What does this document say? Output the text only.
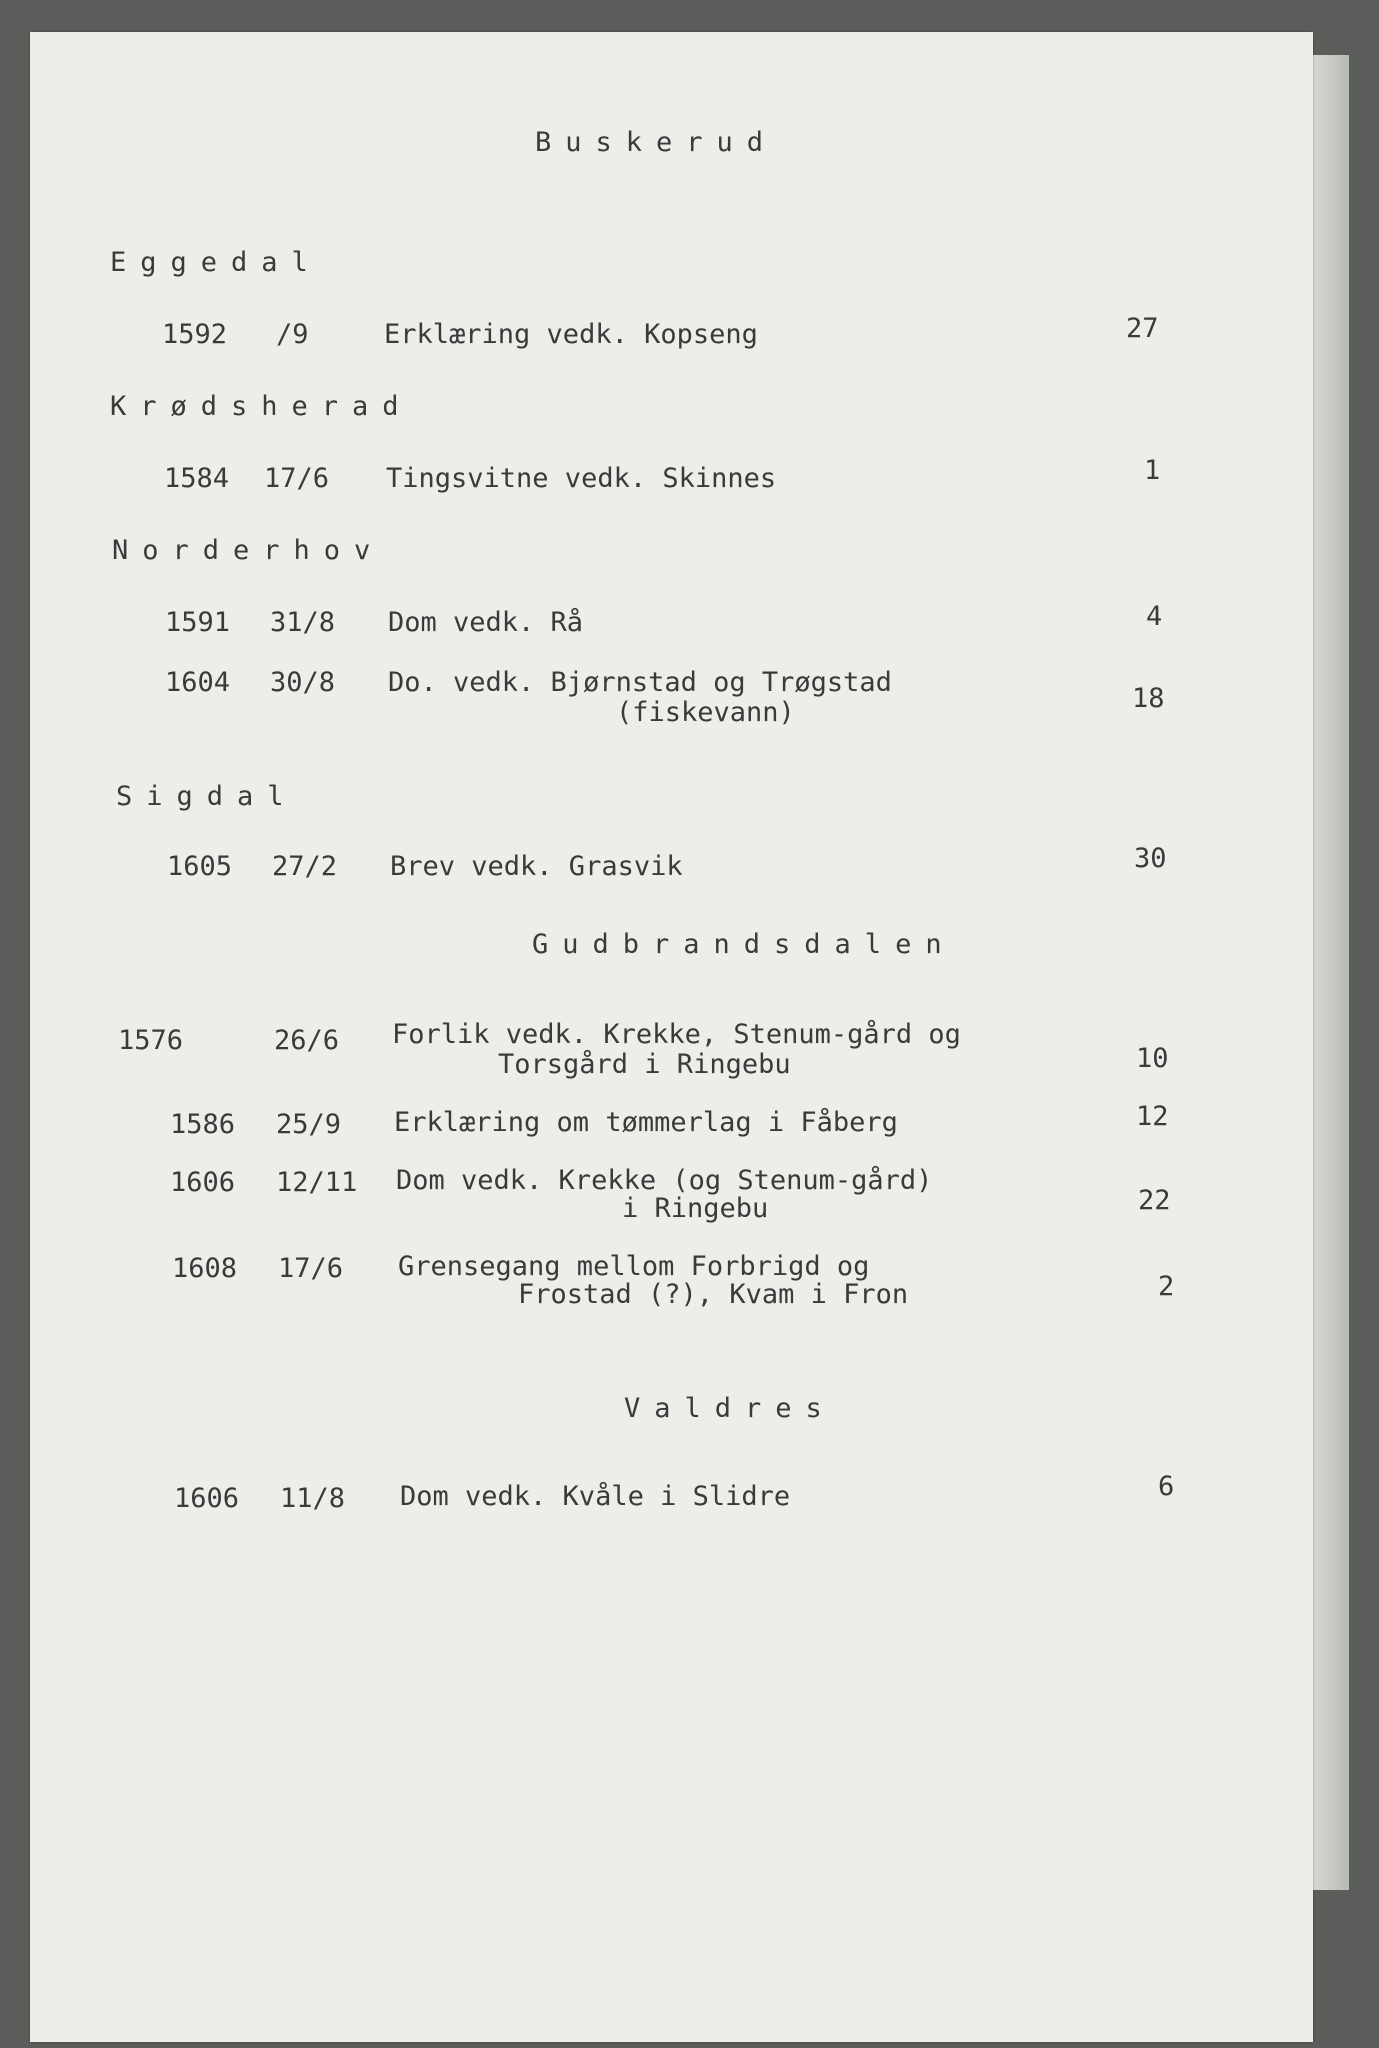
Buskerud

Eggedal

1592 /9	Erklæring vedk. Kopseng	27

Krødsherad

1584 17/6 Tingsvitne vedk. Skinnes	1

Norderhov

1591 31/8 Dom vedk. Rå	4

1604 30/8 Do. vedk. Bjørnstad og Trøgstad

(fiskevann)	18

Sigdal

1605 27/2 Brev vedk. Grasvik	30

Gudbrandsdalen

1576	26/6 Forlik vedk. Krekke, Stenum-gård og

Torsgård i Ringebu	10

1586 25/9 Erklæring om tømmerlag i Fåberg	12

1606 12/11 Dom vedk. Krekke (og Stenum-gård)

i Ringebu	22

1608 17/6 Grensegang mellom Forbrigd og

Frostad (?), Kvam i Fron	2

Valdres

1606 11/8 Dom vedk. Kvåle i Slidre	6
